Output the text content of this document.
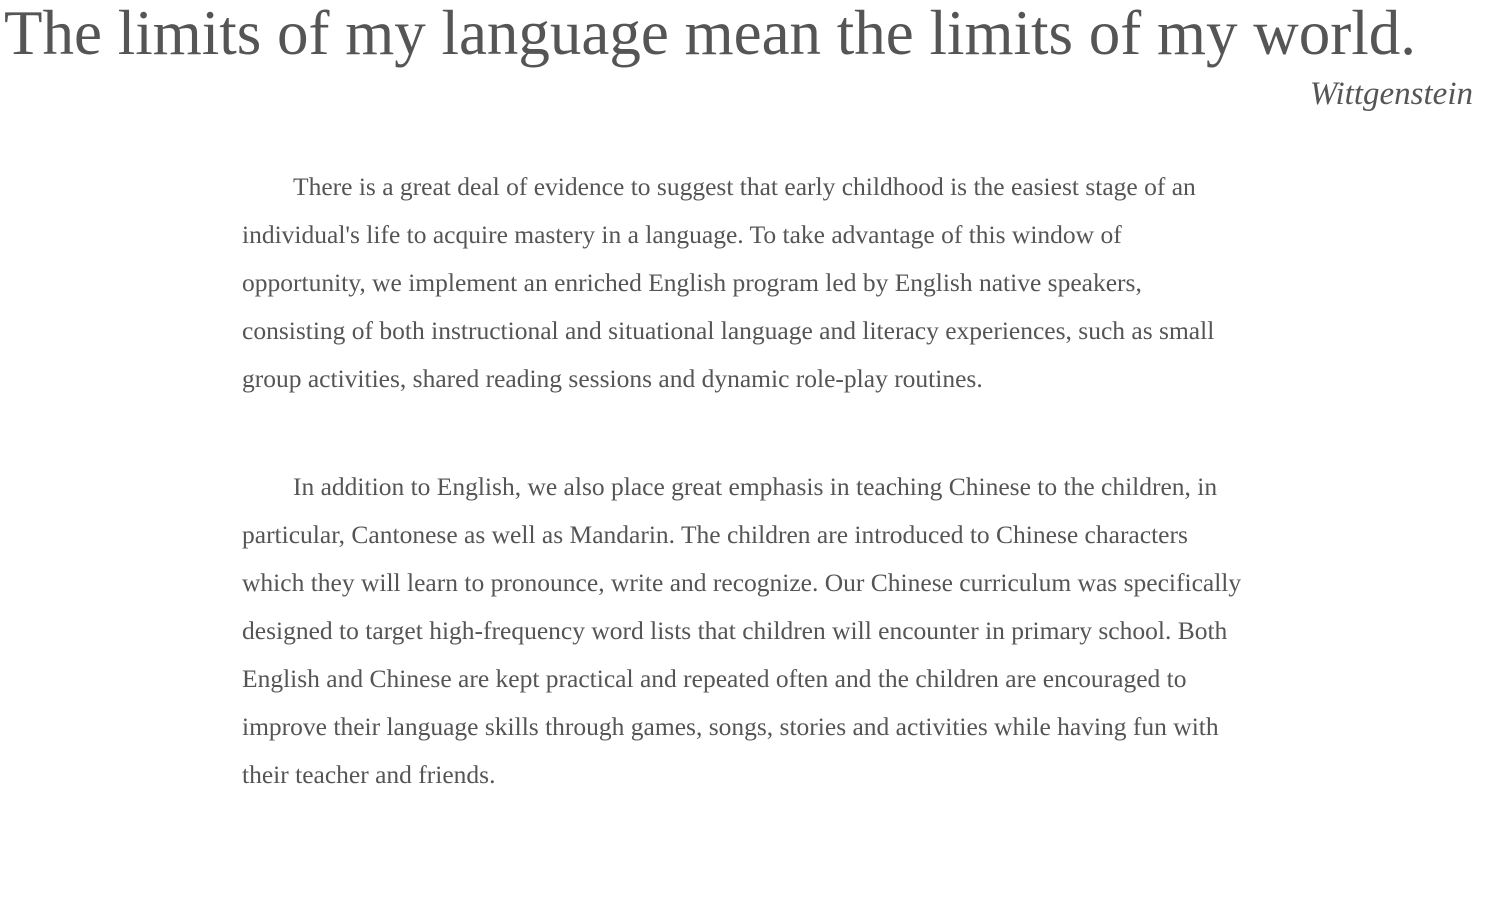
The limits of my language mean the limits of my world.

Wittgenstein

There is a great deal of evidence to suggest that early childhood is the easiest stage of an individual's life to acquire mastery in a language. To take advantage of this window of opportunity, we implement an enriched English program led by English native speakers, consisting of both instructional and situational language and literacy experiences, such as small group activities, shared reading sessions and dynamic role-play routines.

In addition to English, we also place great emphasis in teaching Chinese to the children, in particular, Cantonese as well as Mandarin. The children are introduced to Chinese characters which they will learn to pronounce, write and recognize. Our Chinese curriculum was specifically designed to target high-frequency word lists that children will encounter in primary school. Both English and Chinese are kept practical and repeated often and the children are encouraged to improve their language skills through games, songs, stories and activities while having fun with their teacher and friends.
